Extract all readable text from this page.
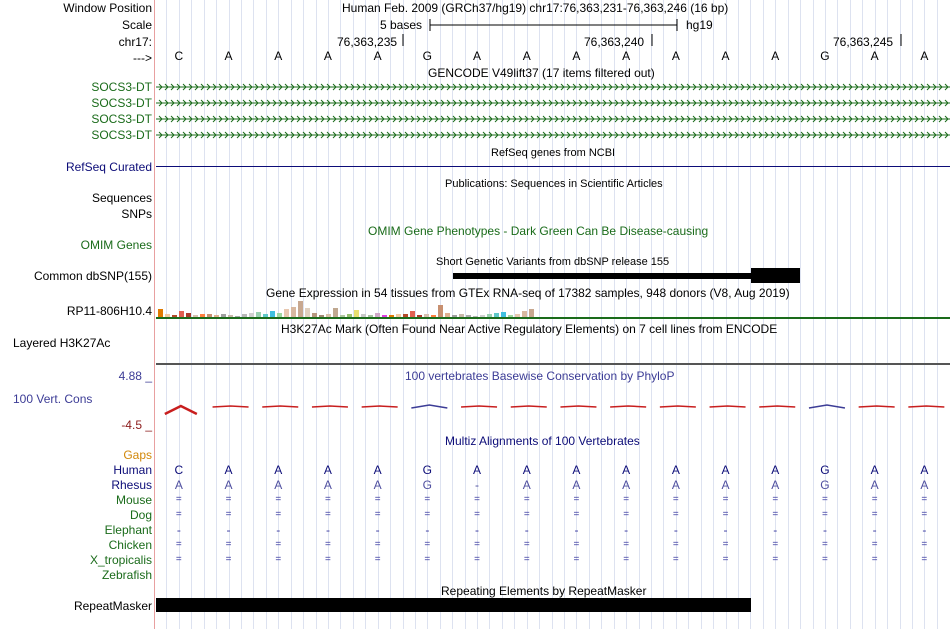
Window Position	Human Feb. 2009 (GRCh37/hg19) chr17:76,363,231-76,363,246 (16 bp)
Scale	5 bases	hg19
chr17:	76,363,235	76,363,240	76,363,245
--->	C	A	A	A	A	G	A	A	A	A	A	A	A	G	A	A
GENCODE V49lift37 (17 items filtered out)
SOCS3-DT
SOCS3-DT
SOCS3-DT
SOCS3-DT
RefSeq genes from NCBI
RefSeq Curated
Publications: Sequences in Scientific Articles
Sequences
SNPs
OMIM Gene Phenotypes - Dark Green Can Be Disease-causing
OMIM Genes
Short Genetic Variants from dbSNP release 155
Common dbSNP(155)
Gene Expression in 54 tissues from GTEx RNA-seq of 17382 samples, 948 donors (V8, Aug 2019)
RP11-806H10.4
H3K27Ac Mark (Often Found Near Active Regulatory Elements) on 7 cell lines from ENCODE
Layered H3K27Ac
100 vertebrates Basewise Conservation by PhyloP
4.88 _
100 Vert. Cons
-4.5 _
Multiz Alignments of 100 Vertebrates
Gaps
Human	C	A	A	A	A	G	A	A	A	A	A	A	A	G	A	A
Rhesus	A	A	A	A	A	G	-	A	A	A	A	A	A	G	A	A
Mouse	=	=	=	=	=	=	=	=	=	=	=	=	=	=	=	=
Dog	=	=	=	=	=	=	=	=	=	=	=	=	=	=	=	=
Elephant	-	-	-	-	-	-	-	-	-	-	-	-	-	-	-	-
Chicken	=	=	=	=	=	=	=	=	=	=	=	=	=	=	=	=
X_tropicalis	=	=	=	=	=	=	=	=	=	=	=	=	=	=	=	=
Zebrafish
Repeating Elements by RepeatMasker
RepeatMasker
